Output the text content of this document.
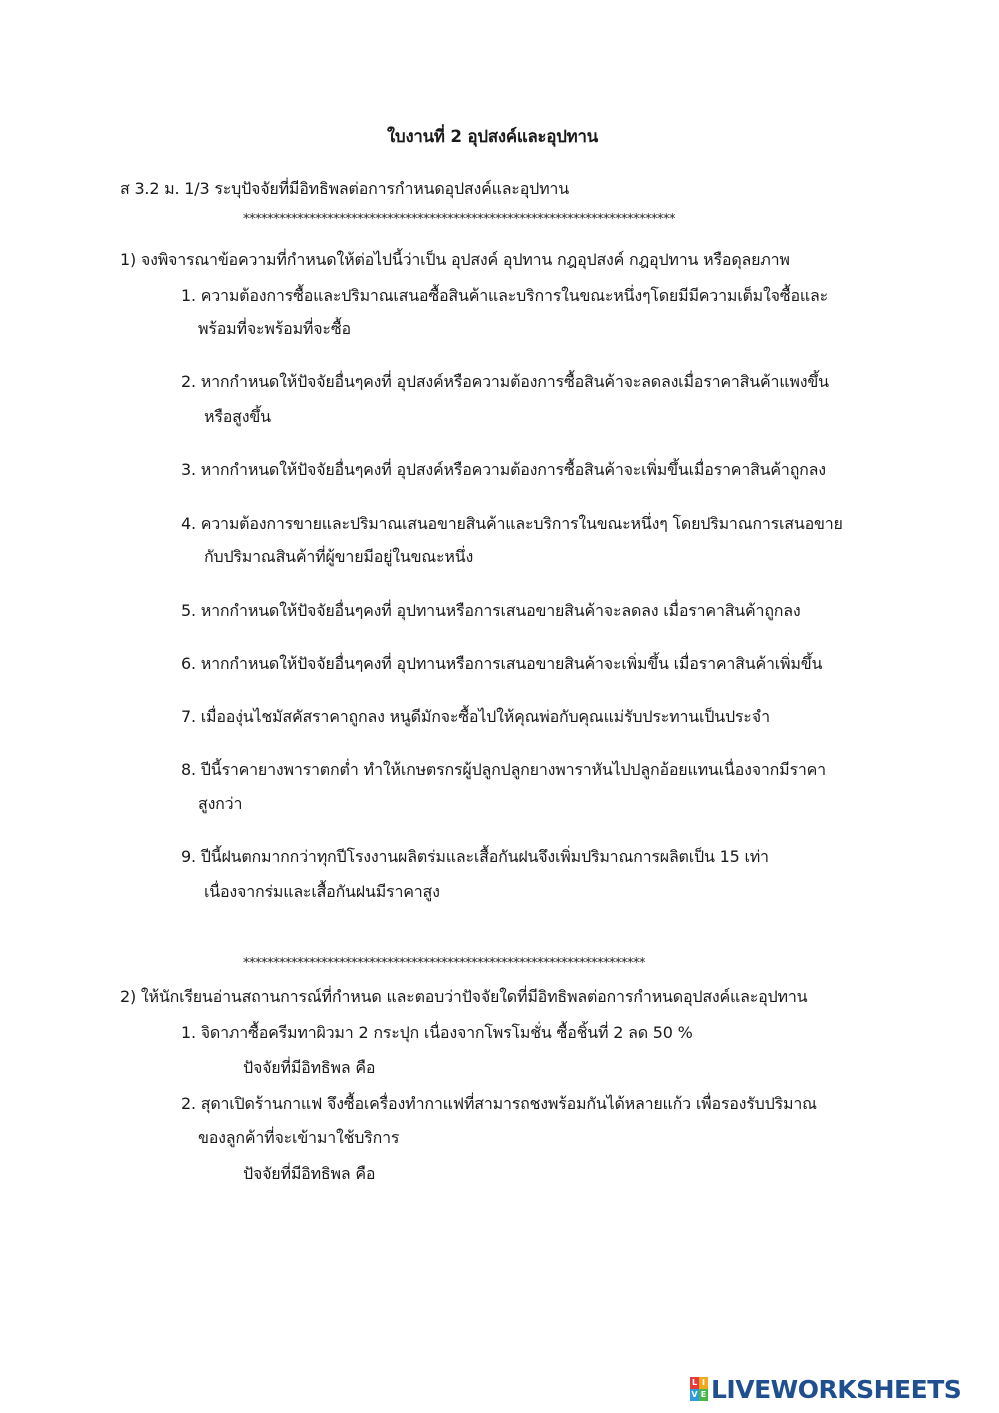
ใบงานที่ 2 อุปสงค์และอุปทาน
ส 3.2 ม. 1/3 ระบุปัจจัยที่มีอิทธิพลต่อการกำหนดอุปสงค์และอุปทาน
************************************************************************
1) จงพิจารณาข้อความที่กำหนดให้ต่อไปนี้ว่าเป็น อุปสงค์ อุปทาน กฎอุปสงค์ กฎอุปทาน หรือดุลยภาพ
1. ความต้องการซื้อและปริมาณเสนอซื้อสินค้าและบริการในขณะหนึ่งๆโดยมีมีความเต็มใจซื้อและ
พร้อมที่จะพร้อมที่จะซื้อ
2. หากกำหนดให้ปัจจัยอื่นๆคงที่ อุปสงค์หรือความต้องการซื้อสินค้าจะลดลงเมื่อราคาสินค้าแพงขึ้น
หรือสูงขึ้น
3. หากกำหนดให้ปัจจัยอื่นๆคงที่ อุปสงค์หรือความต้องการซื้อสินค้าจะเพิ่มขึ้นเมื่อราคาสินค้าถูกลง
4. ความต้องการขายและปริมาณเสนอขายสินค้าและบริการในขณะหนึ่งๆ โดยปริมาณการเสนอขาย
กับปริมาณสินค้าที่ผู้ขายมีอยู่ในขณะหนึ่ง
5. หากกำหนดให้ปัจจัยอื่นๆคงที่ อุปทานหรือการเสนอขายสินค้าจะลดลง เมื่อราคาสินค้าถูกลง
6. หากกำหนดให้ปัจจัยอื่นๆคงที่ อุปทานหรือการเสนอขายสินค้าจะเพิ่มขึ้น เมื่อราคาสินค้าเพิ่มขึ้น
7. เมื่อองุ่นไชมัสคัสราคาถูกลง หนูดีมักจะซื้อไปให้คุณพ่อกับคุณแม่รับประทานเป็นประจำ
8. ปีนี้ราคายางพาราตกต่ำ ทำให้เกษตรกรผู้ปลูกปลูกยางพาราหันไปปลูกอ้อยแทนเนื่องจากมีราคา
สูงกว่า
9. ปีนี้ฝนตกมากกว่าทุกปีโรงงานผลิตร่มและเสื้อกันฝนจึงเพิ่มปริมาณการผลิตเป็น 15 เท่า
เนื่องจากร่มและเสื้อกันฝนมีราคาสูง
*******************************************************************
2) ให้นักเรียนอ่านสถานการณ์ที่กำหนด และตอบว่าปัจจัยใดที่มีอิทธิพลต่อการกำหนดอุปสงค์และอุปทาน
1. จิดาภาซื้อครีมทาผิวมา 2 กระปุก เนื่องจากโพรโมชั่น ซื้อชิ้นที่ 2 ลด 50 %
ปัจจัยที่มีอิทธิพล คือ
2. สุดาเปิดร้านกาแฟ จึงซื้อเครื่องทำกาแฟที่สามารถชงพร้อมกันได้หลายแก้ว เพื่อรองรับปริมาณ
ของลูกค้าที่จะเข้ามาใช้บริการ
ปัจจัยที่มีอิทธิพล คือ
L I
V E LIVEWORKSHEETS
